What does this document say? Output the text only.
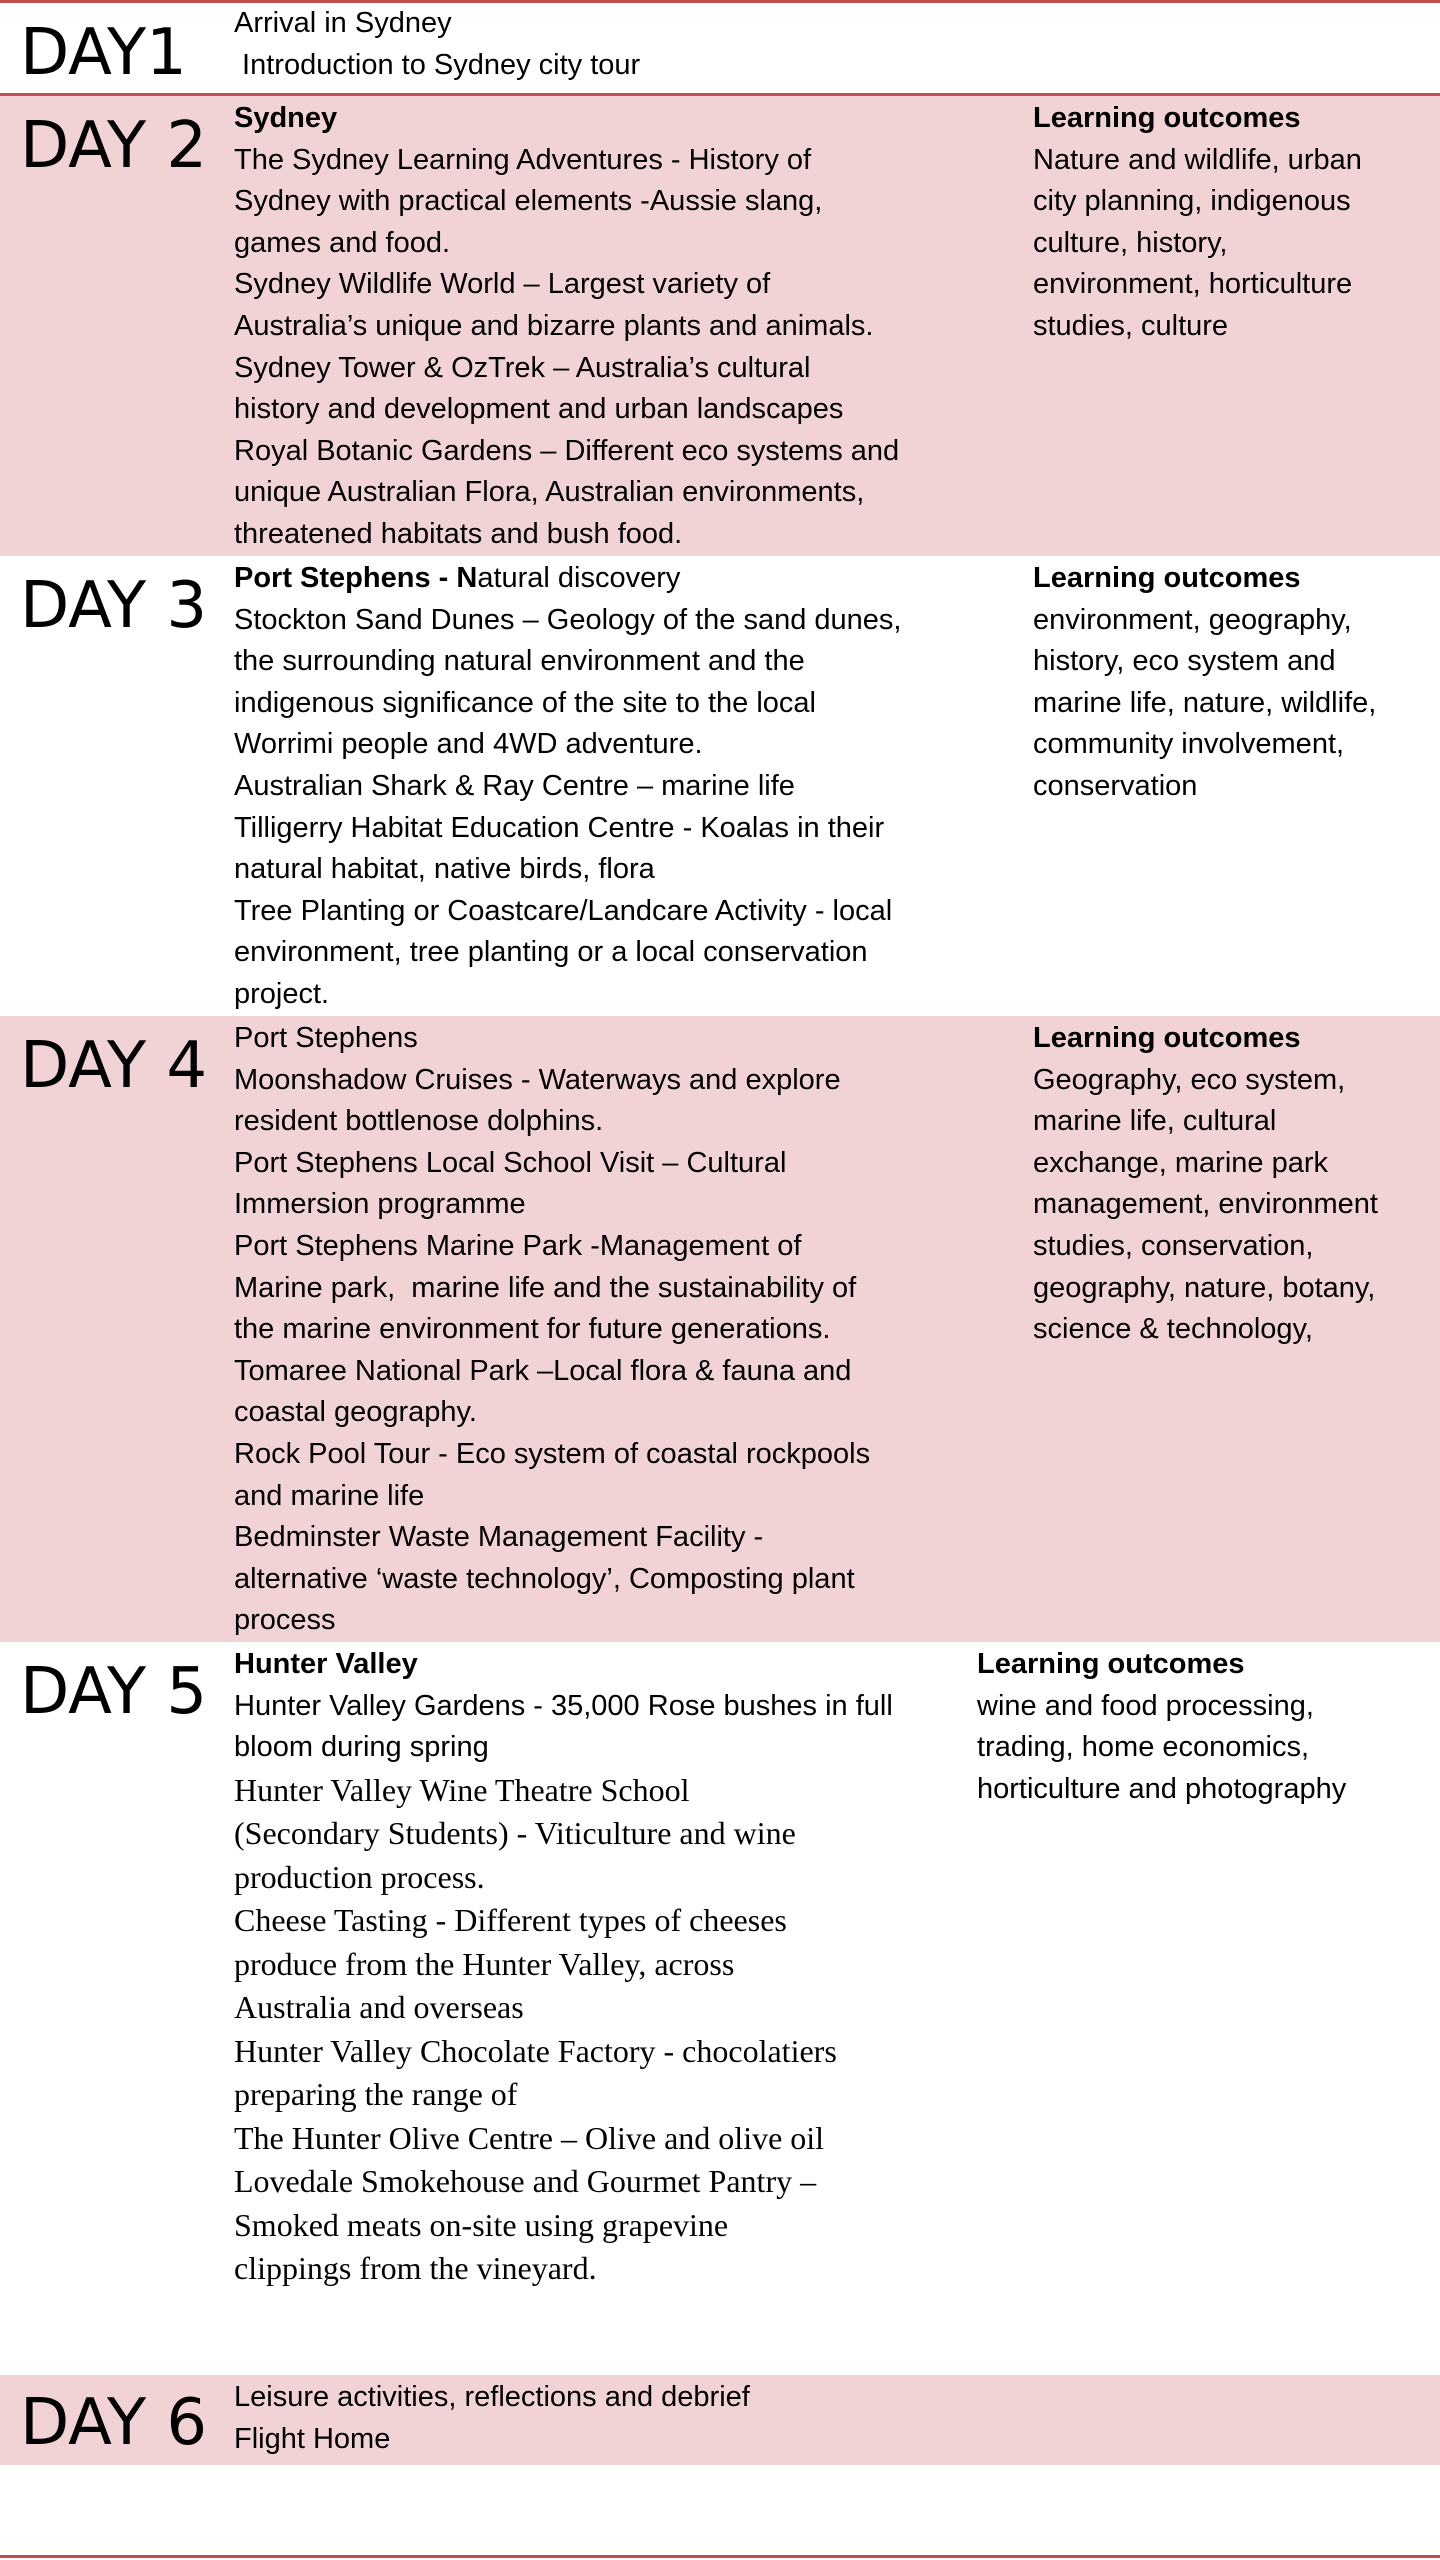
DAY1 Arrival in Sydney
Introduction to Sydney city tour
DAY 2 Sydney
The Sydney Learning Adventures - History of
Sydney with practical elements -Aussie slang,
games and food.
Sydney Wildlife World – Largest variety of
Australia’s unique and bizarre plants and animals.
Sydney Tower & OzTrek – Australia’s cultural
history and development and urban landscapes
Royal Botanic Gardens – Different eco systems and
unique Australian Flora, Australian environments,
threatened habitats and bush food.
Learning outcomes
Nature and wildlife, urban
city planning, indigenous
culture, history,
environment, horticulture
studies, culture
DAY 3 Port Stephens - Natural discovery
Stockton Sand Dunes – Geology of the sand dunes,
the surrounding natural environment and the
indigenous significance of the site to the local
Worrimi people and 4WD adventure.
Australian Shark & Ray Centre – marine life
Tilligerry Habitat Education Centre - Koalas in their
natural habitat, native birds, flora
Tree Planting or Coastcare/Landcare Activity - local
environment, tree planting or a local conservation
project.
Learning outcomes
environment, geography,
history, eco system and
marine life, nature, wildlife,
community involvement,
conservation
DAY 4 Port Stephens
Moonshadow Cruises - Waterways and explore
resident bottlenose dolphins.
Port Stephens Local School Visit – Cultural
Immersion programme
Port Stephens Marine Park -Management of
Marine park,  marine life and the sustainability of
the marine environment for future generations.
Tomaree National Park –Local flora & fauna and
coastal geography.
Rock Pool Tour - Eco system of coastal rockpools
and marine life
Bedminster Waste Management Facility -
alternative ‘waste technology’, Composting plant
process
Learning outcomes
Geography, eco system,
marine life, cultural
exchange, marine park
management, environment
studies, conservation,
geography, nature, botany,
science & technology,
DAY 5 Hunter Valley
Hunter Valley Gardens - 35,000 Rose bushes in full
bloom during spring
Hunter Valley Wine Theatre School
(Secondary Students) - Viticulture and wine
production process.
Cheese Tasting - Different types of cheeses
produce from the Hunter Valley, across
Australia and overseas
Hunter Valley Chocolate Factory - chocolatiers
preparing the range of
The Hunter Olive Centre – Olive and olive oil
Lovedale Smokehouse and Gourmet Pantry –
Smoked meats on-site using grapevine
clippings from the vineyard.
Learning outcomes
wine and food processing,
trading, home economics,
horticulture and photography
DAY 6 Leisure activities, reflections and debrief
Flight Home
